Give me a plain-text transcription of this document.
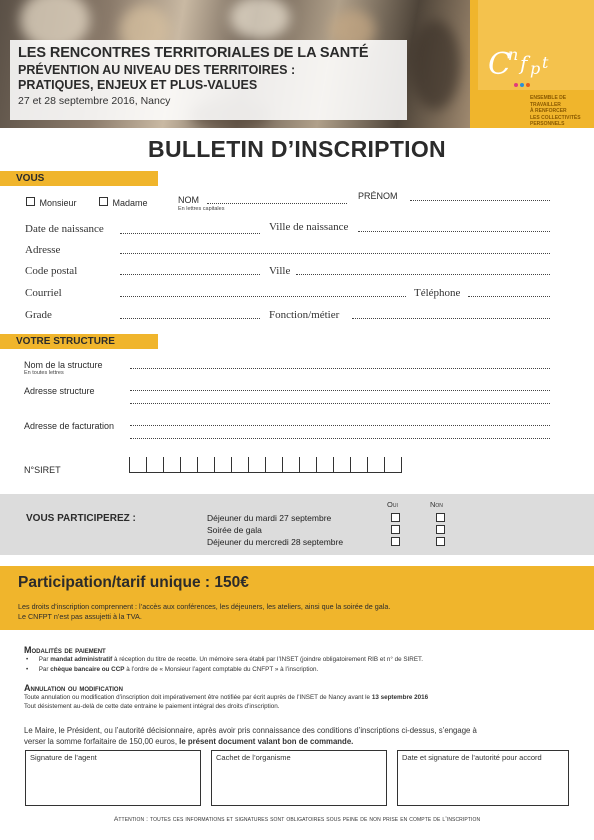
C
n f p t
ENSEMBLE DE TRAVAILLER
À RENFORCER
LES COLLECTIVITÉS
PERSONNELS
LES RENCONTRES TERRITORIALES DE LA SANTÉ
PRÉVENTION AU NIVEAU DES TERRITOIRES :
PRATIQUES, ENJEUX ET PLUS-VALUES
27 et 28 septembre 2016, Nancy
BULLETIN D’INSCRIPTION
VOUS
Monsieur	Madame	NOM
En lettres capitales
PRÉNOM
Date de naissance	Ville de naissance
Adresse
Code postal	Ville
Courriel	Téléphone
Grade	Fonction/métier
VOTRE STRUCTURE
Nom de la structure
En toutes lettres
Adresse structure
Adresse de facturation
N°SIRET
VOUS PARTICIPEREZ :
Oui	Non
Déjeuner du mardi 27 septembre
Soirée de gala
Déjeuner du mercredi 28 septembre
Participation/tarif unique : 150€
Les droits d’inscription comprennent : l’accès aux conférences, les déjeuners, les ateliers, ainsi que la soirée de gala.
Le CNFPT n’est pas assujetti à la TVA.
Modalités de paiement
•      Par mandat administratif à réception du titre de recette. Un mémoire sera établi par l’INSET (joindre obligatoirement RIB et n° de SIRET.
•      Par chèque bancaire ou CCP à l’ordre de « Monsieur l’agent comptable du CNFPT » à l’inscription.
Annulation ou modification
Toute annulation ou modification d’inscription doit impérativement être notifiée par écrit auprès de l’INSET de Nancy avant le 13 septembre 2016
Tout désistement au-delà de cette date entraine le paiement intégral des droits d’inscription.
Le Maire, le Président, ou l’autorité décisionnaire, après avoir pris connaissance des conditions d’inscriptions ci-dessus, s’engage à
verser la somme forfaitaire de 150,00 euros, le présent document valant bon de commande.
Signature de l’agent	Cachet de l’organisme	Date et signature de l’autorité pour accord
Attention : toutes ces informations et signatures sont obligatoires sous peine de non prise en compte de l’inscription
